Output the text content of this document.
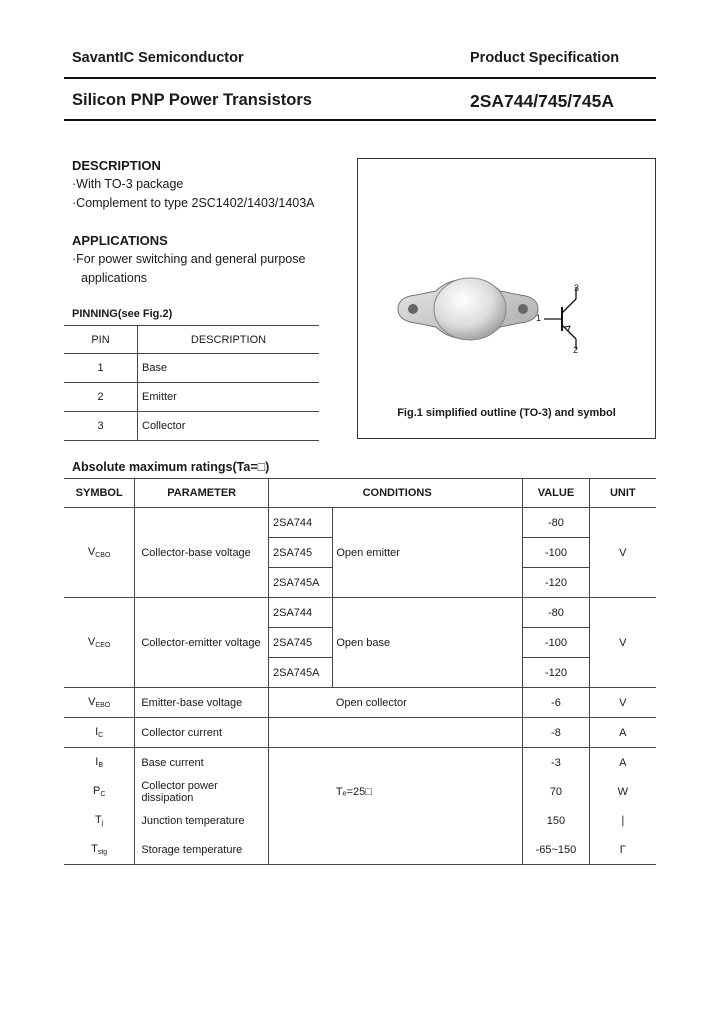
SavantIC Semiconductor	Product Specification
Silicon PNP Power Transistors	2SA744/745/745A
DESCRIPTION
·With TO-3 package
·Complement to type 2SC1402/1403/1403A
APPLICATIONS
·For power switching and general purpose
applications
PINNING(see Fig.2)
PIN	DESCRIPTION
1	Base
2	Emitter
3	Collector
3
1
2
Fig.1 simplified outline (TO-3) and symbol
Absolute maximum ratings(Ta=□)
SYMBOL	PARAMETER	CONDITIONS		VALUE	UNIT
$V_{CBO}$	Collector-base voltage	2SA744	Open emitter	-80	V
		2SA745		-100	
		2SA745A		-120	
$V_{CEO}$	Collector-emitter voltage	2SA744	Open base	-80	V
		2SA745		-100	
		2SA745A		-120	
$V_{EBO}$	Emitter-base voltage		Open collector	-6	V
$I_C$	Collector current			-8	A
$I_B$	Base current			-3	A
$P_C$	Collector power dissipation		Tₑ=25□	70	W
$T_j$	Junction temperature			150	∣
$T_{stg}$	Storage temperature			-65~150	Γ
